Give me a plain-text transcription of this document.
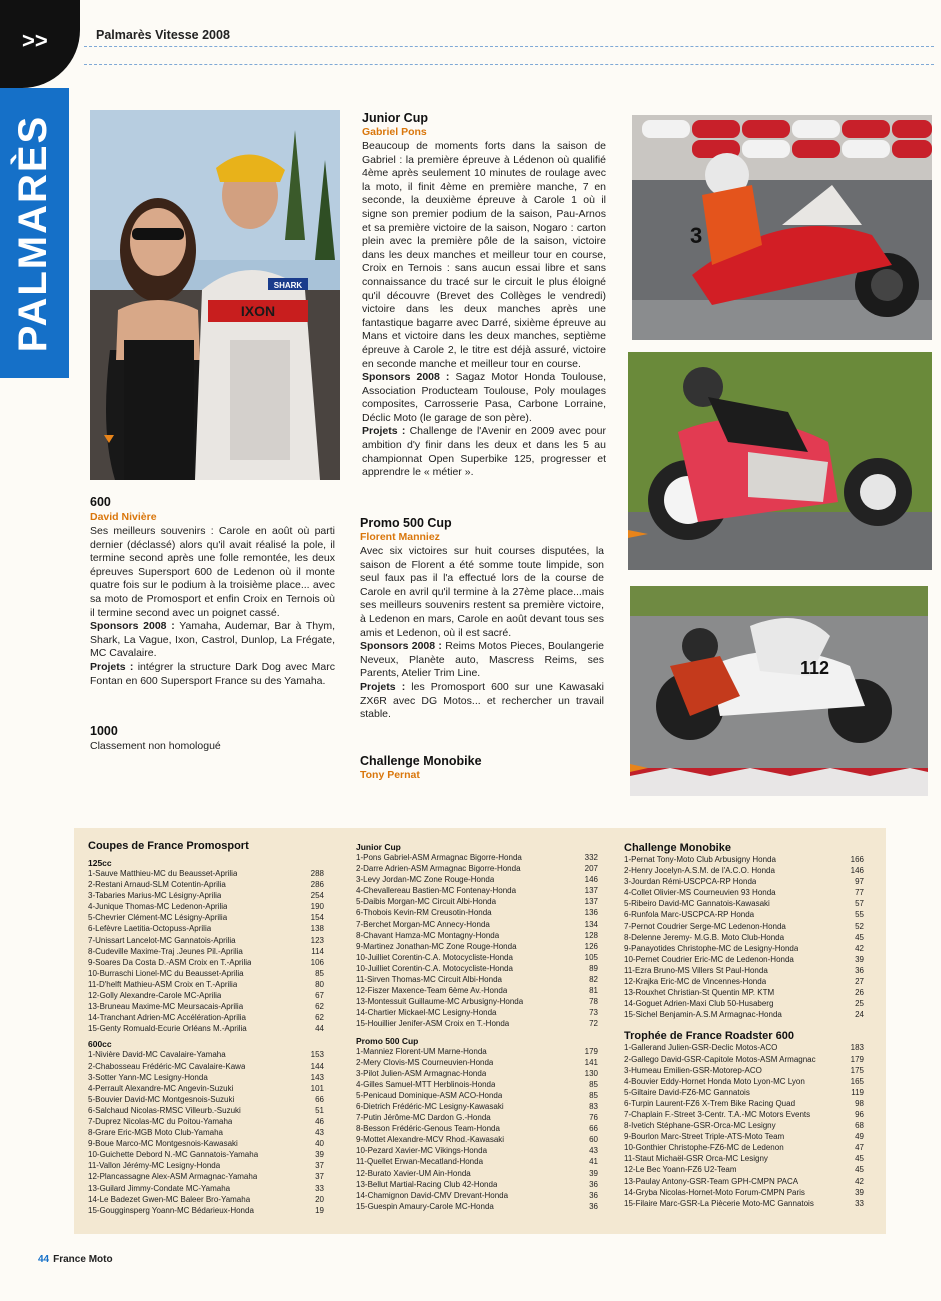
>>
PALMARÈS
Palmarès Vitesse 2008
IXON
SHARK
600
David Nivière

Ses meilleurs souvenirs : Carole en août où parti dernier (déclassé) alors qu'il avait réalisé la pole, il termine second après une folle remontée, les deux épreuves Supersport 600 de Ledenon où il monte quatre fois sur le podium à la troisième place... avec sa moto de Promosport et enfin Croix en Ternois où il termine second avec un poignet cassé.

Sponsors 2008 : Yamaha, Audemar, Bar à Thym, Shark, La Vague, Ixon, Castrol, Dunlop, La Frégate, MC Cavalaire.

Projets : intégrer la structure Dark Dog avec Marc Fontan en 600 Supersport France su des Yamaha.

1000
Classement non homologué
Junior Cup
Gabriel Pons

Beaucoup de moments forts dans la saison de Gabriel : la première épreuve à Lédenon où qualifié 4ème après seulement 10 minutes de roulage avec la moto, il finit 4ème en première manche, 7 en seconde, la deuxième épreuve à Carole 1 où il signe son premier podium de la saison, Pau-Arnos et sa première victoire de la saison, Nogaro : carton plein avec la première pôle de la saison, victoire dans les deux manches et meilleur tour en course, Croix en Ternois : sans aucun essai libre et sans connaissance du tracé sur le circuit le plus éloigné qu'il découvre (Brevet des Collèges le vendredi) victoire dans les deux manches après une fantastique bagarre avec Darré, sixième épreuve au Mans et victoire dans les deux manches, septième épreuve à Carole 2, le titre est déjà assuré, victoire en seconde manche et meilleur tour en course.

Sponsors 2008 : Sagaz Motor Honda Toulouse, Association Producteam Toulouse, Poly moulages composites, Carrosserie Pasa, Carbone Lorraine, Déclic Moto (le garage de son père).

Projets : Challenge de l'Avenir en 2009 avec pour ambition d'y finir dans les deux et dans les 5 au championnat Open Superbike 125, progresser et apprendre le « métier ».

Promo 500 Cup
Florent Manniez

Avec six victoires sur huit courses disputées, la saison de Florent a été somme toute limpide, son seul faux pas il l'a effectué lors de la course de Carole en avril qu'il termine à la 27ème place...mais ses meilleurs souvenirs restent sa première victoire, à Ledenon en mars, Carole en août devant tous ses amis et Ledenon, où il est sacré.

Sponsors 2008 : Reims Motos Pieces, Boulangerie Neveux, Planète auto, Mascress Reims, ses Parents, Atelier Trim Line.

Projets : les Promosport 600 sur une Kawasaki ZX6R avec DG Motos... et rechercher un travail stable.

Challenge Monobike
Tony Pernat
3
112
Coupes de France Promosport
125cc
1-Sauve Matthieu-MC du Beausset-Aprilia	288
2-Restani Arnaud-SLM Cotentin-Aprilia	286
3-Tabaries Marius-MC Lésigny-Aprilia	254
4-Junique Thomas-MC Ledenon-Aprilia	190
5-Chevrier Clément-MC Lésigny-Aprilia	154
6-Lefèvre Laetitia-Octopuss-Aprilia	138
7-Unissart Lancelot-MC Gannatois-Aprilia	123
8-Cudeville Maxime-Traj .Jeunes Pil.-Aprilia	114
9-Soares Da Costa D.-ASM Croix en T.-Aprilia	106
10-Burraschi Lionel-MC du Beausset-Aprilia	85
11-D'helft Mathieu-ASM Croix en T.-Aprilia	80
12-Golly Alexandre-Carole MC-Aprilia	67
13-Bruneau Maxime-MC Meursacais-Aprilia	62
14-Tranchant Adrien-MC Accélération-Aprilia	62
15-Genty Romuald-Ecurie Orléans M.-Aprilia	44
600cc
1-Nivière David-MC Cavalaire-Yamaha	153
2-Chabosseau Frédéric-MC Cavalaire-Kawa	144
3-Sotter Yann-MC Lesigny-Honda	143
4-Perrault Alexandre-MC Angevin-Suzuki	101
5-Bouvier David-MC Montgesnois-Suzuki	66
6-Salchaud Nicolas-RMSC Villeurb.-Suzuki	51
7-Duprez Nicolas-MC du Poitou-Yamaha	46
8-Grare Eric-MGB Moto Club-Yamaha	43
9-Boue Marco-MC Montgesnois-Kawasaki	40
10-Guichette Debord N.-MC Gannatois-Yamaha	39
11-Vallon Jérémy-MC Lesigny-Honda	37
12-Plancassagne Alex-ASM Armagnac-Yamaha	37
13-Guilard Jimmy-Condate MC-Yamaha	33
14-Le Badezet Gwen-MC Baleer Bro-Yamaha	20
15-Gougginsperg Yoann-MC Bédarieux-Honda	19
Junior Cup
1-Pons Gabriel-ASM Armagnac Bigorre-Honda	332
2-Darre Adrien-ASM Armagnac Bigorre-Honda	207
3-Levy Jordan-MC Zone Rouge-Honda	146
4-Chevallereau Bastien-MC Fontenay-Honda	137
5-Daibis Morgan-MC Circuit Albi-Honda	137
6-Thobois Kevin-RM Creusotin-Honda	136
7-Berchet Morgan-MC Annecy-Honda	134
8-Chavant Hamza-MC Montagny-Honda	128
9-Martinez Jonathan-MC Zone Rouge-Honda	126
10-Juilliet Corentin-C.A. Motocycliste-Honda	105
10-Juilliet Corentin-C.A. Motocycliste-Honda	89
11-Sirven Thomas-MC Circuit Albi-Honda	82
12-Fiszer Maxence-Team 6ème Av.-Honda	81
13-Montessuit Guillaume-MC Arbusigny-Honda	78
14-Chartier Mickael-MC Lesigny-Honda	73
15-Houillier Jenifer-ASM Croix en T.-Honda	72
Promo 500 Cup
1-Manniez Florent-UM Marne-Honda	179
2-Mery Clovis-MS Courneuvien-Honda	141
3-Pilot Julien-ASM Armagnac-Honda	130
4-Gilles Samuel-MTT Herblinois-Honda	85
5-Penicaud Dominique-ASM ACO-Honda	85
6-Dietrich Frédéric-MC Lesigny-Kawasaki	83
7-Putin Jérôme-MC Dardon G.-Honda	76
8-Besson Frédéric-Genous Team-Honda	66
9-Mottet Alexandre-MCV Rhod.-Kawasaki	60
10-Pezard Xavier-MC Vikings-Honda	43
11-Quellet Erwan-Mecatland-Honda	41
12-Burato Xavier-UM Ain-Honda	39
13-Bellut Martial-Racing Club 42-Honda	36
14-Chamignon David-CMV Drevant-Honda	36
15-Guespin Amaury-Carole MC-Honda	36
Challenge Monobike
1-Pernat Tony-Moto Club Arbusigny Honda	166
2-Henry Jocelyn-A.S.M. de l'A.C.O. Honda	146
3-Jourdan Rémi-USCPCA-RP Honda	97
4-Collet Olivier-MS Courneuvien 93 Honda	77
5-Ribeiro David-MC Gannatois-Kawasaki	57
6-Runfola Marc-USCPCA-RP Honda	55
7-Pernot Coudrier Serge-MC Ledenon-Honda	52
8-Delenne Jeremy- M.G.B. Moto Club-Honda	45
9-Panayotides Christophe-MC de Lesigny-Honda	42
10-Pernet Coudrier Eric-MC de Ledenon-Honda	39
11-Ezra Bruno-MS Villers St Paul-Honda	36
12-Krajka Eric-MC de Vincennes-Honda	27
13-Rouxhet Christian-St Quentin MP. KTM	26
14-Goguet Adrien-Maxi Club 50-Husaberg	25
15-Sichel Benjamin-A.S.M Armagnac-Honda	24
Trophée de France Roadster 600
1-Gallerand Julien-GSR-Declic Motos-ACO	183
2-Gallego David-GSR-Capitole Motos-ASM Armagnac	179
3-Humeau Emilien-GSR-Motorep-ACO	175
4-Bouvier Eddy-Hornet Honda Moto Lyon-MC Lyon	165
5-Giltaire David-FZ6-MC Gannatois	119
6-Turpin Laurent-FZ6 X-Trem Bike Racing Quad	98
7-Chaplain F.-Street 3-Centr. T.A.-MC Motors Events	96
8-Ivetich Stéphane-GSR-Orca-MC Lesigny	68
9-Bourlon Marc-Street Triple-ATS-Moto Team	49
10-Gonthier Christophe-FZ6-MC de Ledenon	47
11-Staut Michaël-GSR Orca-MC Lesigny	45
12-Le Bec Yoann-FZ6 U2-Team	45
13-Paulay Antony-GSR-Team GPH-CMPN PACA	42
14-Gryba Nicolas-Hornet-Moto Forum-CMPN Paris	39
15-Filaire Marc-GSR-La Piècerie Moto-MC Gannatois	33
44 France Moto
